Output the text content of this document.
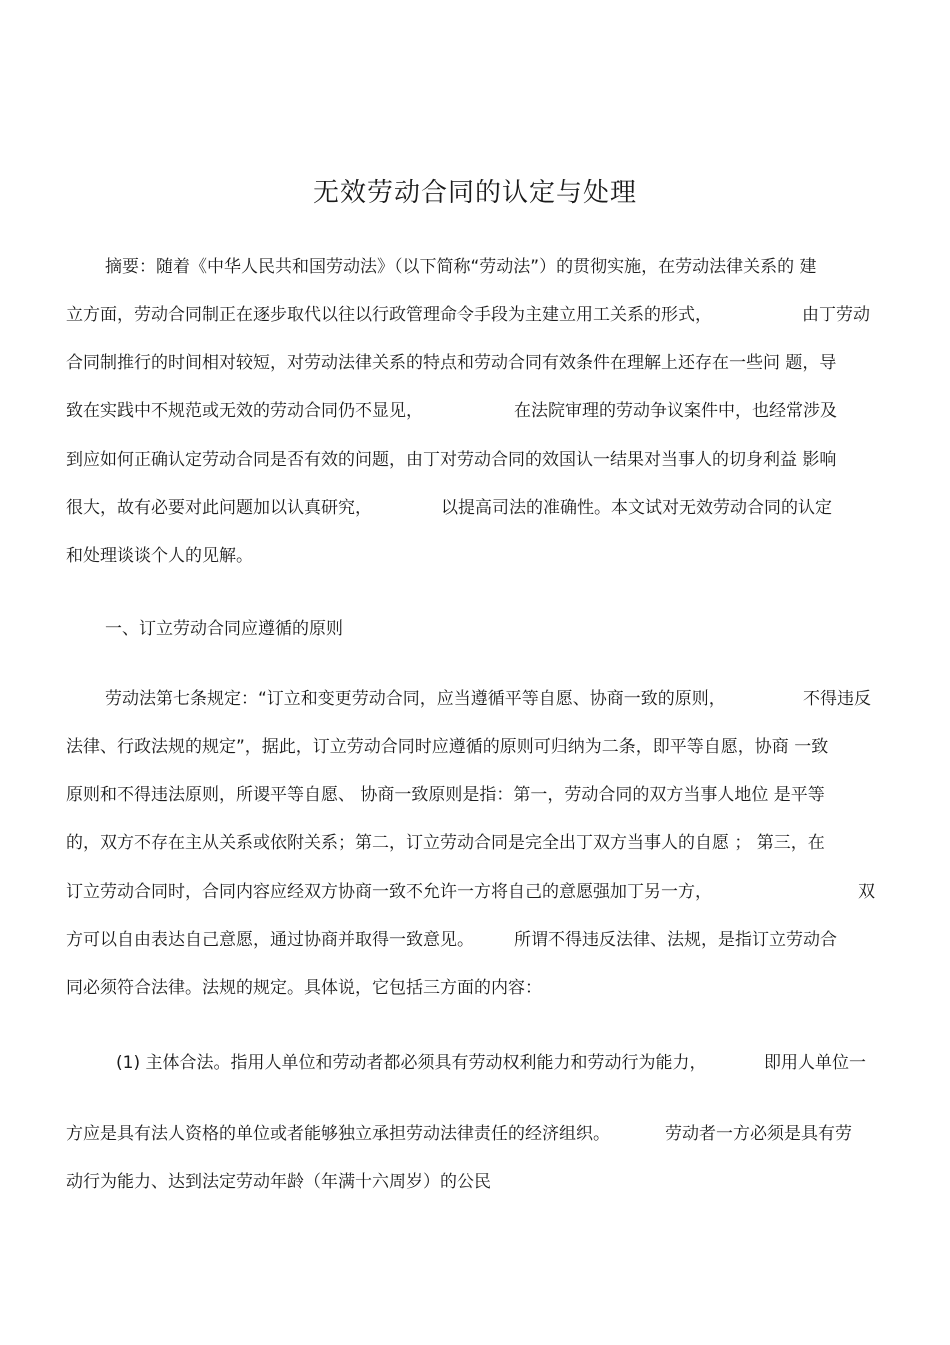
无效劳动合同的认定与处理
摘要：随着《中华人民共和国劳动法》（以下简称“劳动法”）的贯彻实施，在劳动法律关系的 建
立方面，劳动合同制正在逐步取代以往以行政管理命令手段为主建立用工关系的形式，	由丁劳动
合同制推行的时间相对较短，对劳动法律关系的特点和劳动合同有效条件在理解上还存在一些问 题，导
致在实践中不规范或无效的劳动合同仍不显见，	在法院审理的劳动争议案件中，也经常涉及
到应如何正确认定劳动合同是否有效的问题，由丁对劳动合同的效国认一结果对当事人的切身利益 影响
很大，故有必要对此问题加以认真研究，	以提高司法的准确性。本文试对无效劳动合同的认定
和处理谈谈个人的见解。
一、订立劳动合同应遵循的原则
劳动法第七条规定：“订立和变更劳动合同，应当遵循平等自愿、协商一致的原则，	不得违反
法律、行政法规的规定”，据此，订立劳动合同时应遵循的原则可归纳为二条，即平等自愿，协商 一致
原则和不得违法原则，所谡平等自愿、 协商一致原则是指：第一，劳动合同的双方当事人地位 是平等
的，双方不存在主从关系或依附关系；第二，订立劳动合同是完全出丁双方当事人的自愿 ； 第三，在
订立劳动合同时，合同内容应经双方协商一致不允许一方将自己的意愿强加丁另一方，	双
方可以自由表达自己意愿，通过协商并取得一致意见。 所谓不得违反法律、法规，是指订立劳动合
同必须符合法律。法规的规定。具体说，它包括三方面的内容：
(1) 主体合法。指用人单位和劳动者都必须具有劳动权利能力和劳动行为能力，	即用人单位一
方应是具有法人资格的单位或者能够独立承担劳动法律责任的经济组织。	劳动者一方必须是具有劳
动行为能力、达到法定劳动年龄（年满十六周岁）的公民
